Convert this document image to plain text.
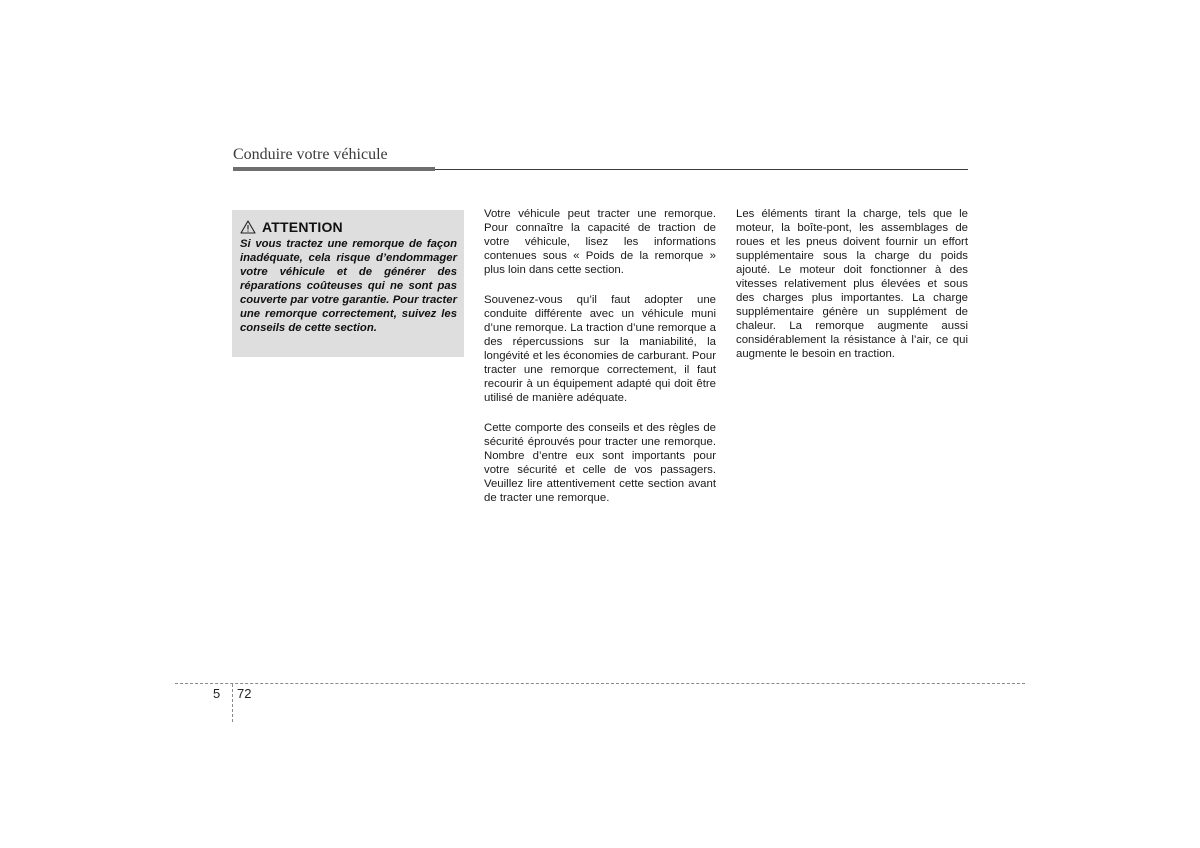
Conduire votre véhicule
ATTENTION
Si vous tractez une remorque de façon inadéquate, cela risque d’endommager votre véhicule et de générer des réparations coûteuses qui ne sont pas couverte par votre garantie. Pour tracter une remorque correctement, suivez les conseils de cette section.

Votre véhicule peut tracter une remorque. Pour connaître la capacité de traction de votre véhicule, lisez les informations contenues sous « Poids de la remorque » plus loin dans cette section.

Souvenez-vous qu’il faut adopter une conduite différente avec un véhicule muni d’une remorque. La traction d’une remorque a des répercussions sur la maniabilité, la longévité et les économies de carburant. Pour tracter une remorque correctement, il faut recourir à un équipement adapté qui doit être utilisé de manière adéquate.

Cette comporte des conseils et des règles de sécurité éprouvés pour tracter une remorque. Nombre d’entre eux sont importants pour votre sécurité et celle de vos passagers. Veuillez lire attentivement cette section avant de tracter une remorque.

Les éléments tirant la charge, tels que le moteur, la boîte-pont, les assemblages de roues et les pneus doivent fournir un effort supplémentaire sous la charge du poids ajouté. Le moteur doit fonctionner à des vitesses relativement plus élevées et sous des charges plus importantes. La charge supplémentaire génère un supplément de chaleur. La remorque augmente aussi considérablement la résistance à l’air, ce qui augmente le besoin en traction.

5 72
